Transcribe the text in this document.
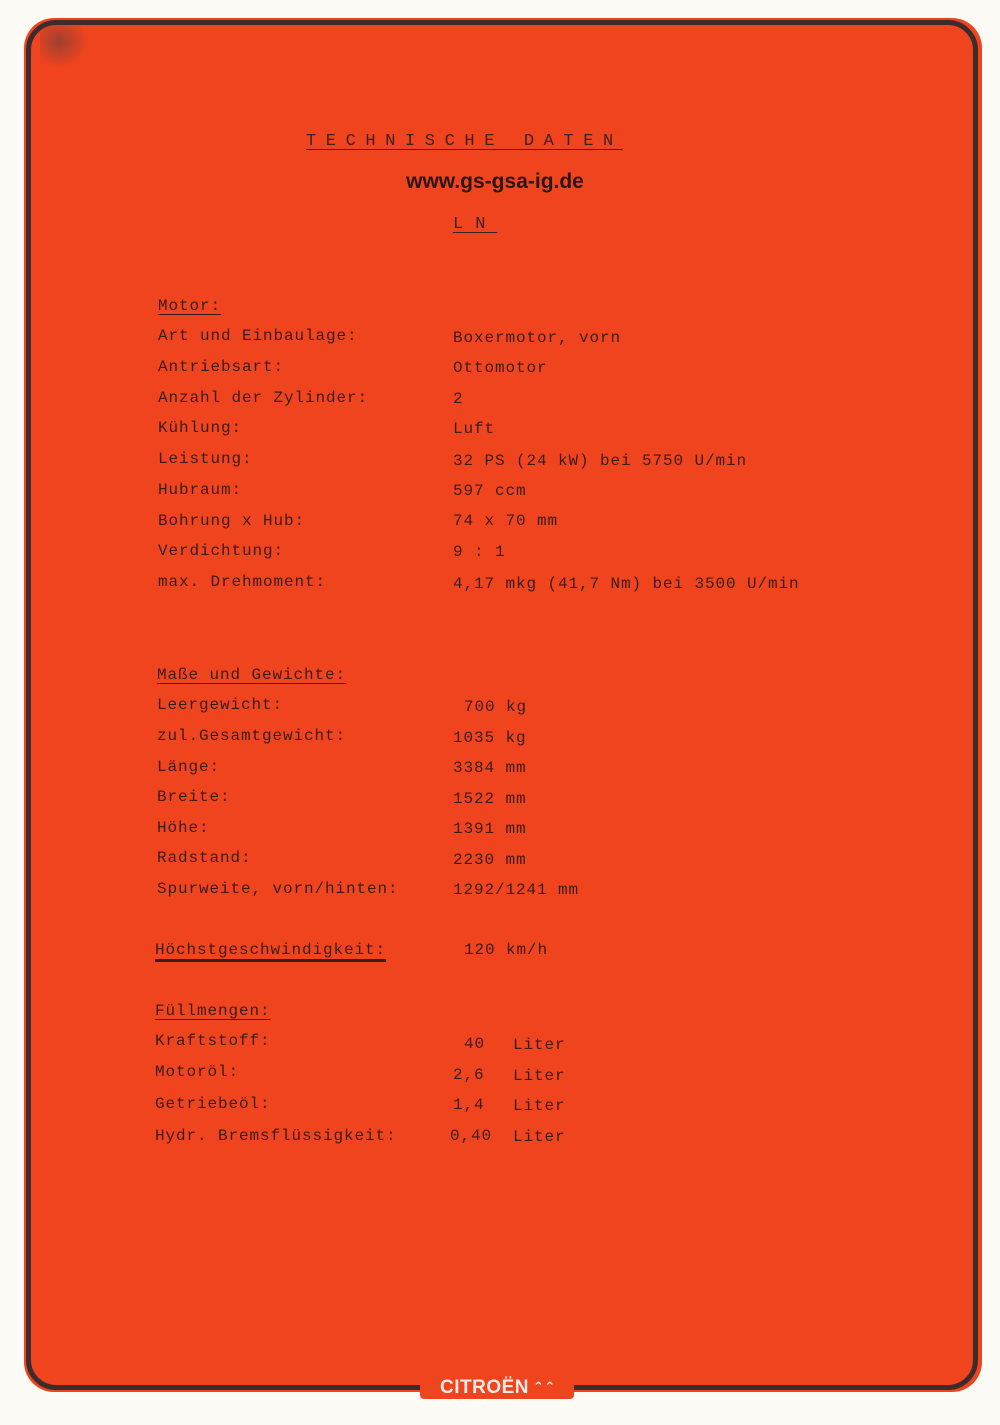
CITROËN ⌃⌃
TECHNISCHE DATEN
www.gs-gsa-ig.de
LN
Motor:
Art und Einbaulage:	Boxermotor, vorn
Antriebsart:	Ottomotor
Anzahl der Zylinder:	2
Kühlung:	Luft
Leistung:	32 PS (24 kW) bei 5750 U/min
Hubraum:	597 ccm
Bohrung x Hub:	74 x 70 mm
Verdichtung:	9 : 1
max. Drehmoment:	4,17 mkg (41,7 Nm) bei 3500 U/min
Maße und Gewichte:
Leergewicht:	700 kg
zul.Gesamtgewicht:	1035 kg
Länge:	3384 mm
Breite:	1522 mm
Höhe:	1391 mm
Radstand:	2230 mm
Spurweite, vorn/hinten:	1292/1241 mm
Höchstgeschwindigkeit:	120 km/h
Füllmengen:
Kraftstoff:	40 Liter
Motoröl:	2,6 Liter
Getriebeöl:	1,4 Liter
Hydr. Bremsflüssigkeit:	0,40 Liter
